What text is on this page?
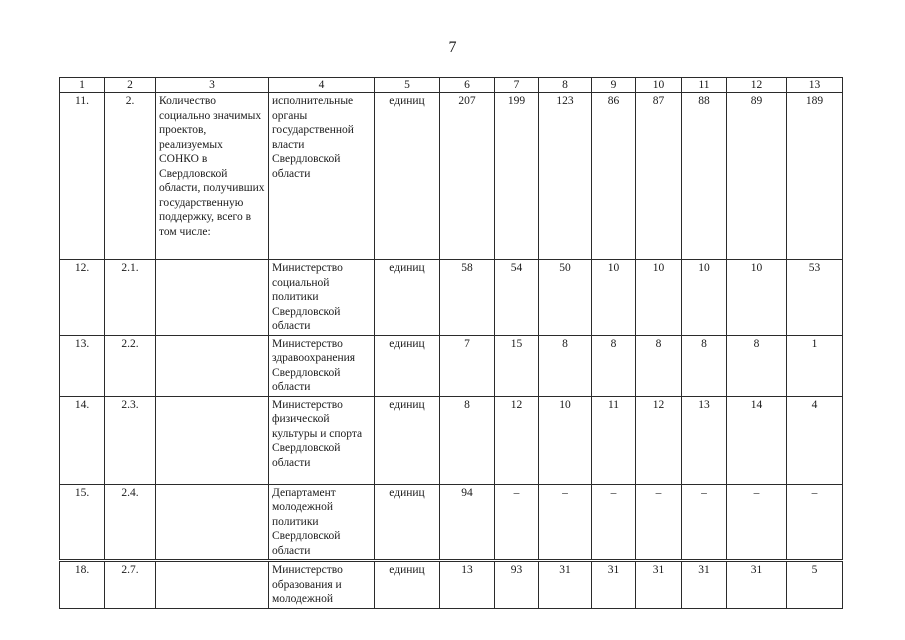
7
1	2	3	4	5	6	7	8	9	10	11	12	13
11.	2.	Количество социально значимых проектов, реализуемых СОНКО в Свердловской области, получивших государственную поддержку, всего в том числе:	исполнительные органы государственной власти Свердловской области	единиц	207	199	123	86	87	88	89	189
12.	2.1.		Министерство социальной политики Свердловской области	единиц	58	54	50	10	10	10	10	53
13.	2.2.		Министерство здравоохранения Свердловской области	единиц	7	15	8	8	8	8	8	1
14.	2.3.		Министерство физической культуры и спорта Свердловской области	единиц	8	12	10	11	12	13	14	4
15.	2.4.		Департамент молодежной политики Свердловской области	единиц	94	–	–	–	–	–	–	–
18.	2.7.		Министерство образования и молодежной	единиц	13	93	31	31	31	31	31	5
